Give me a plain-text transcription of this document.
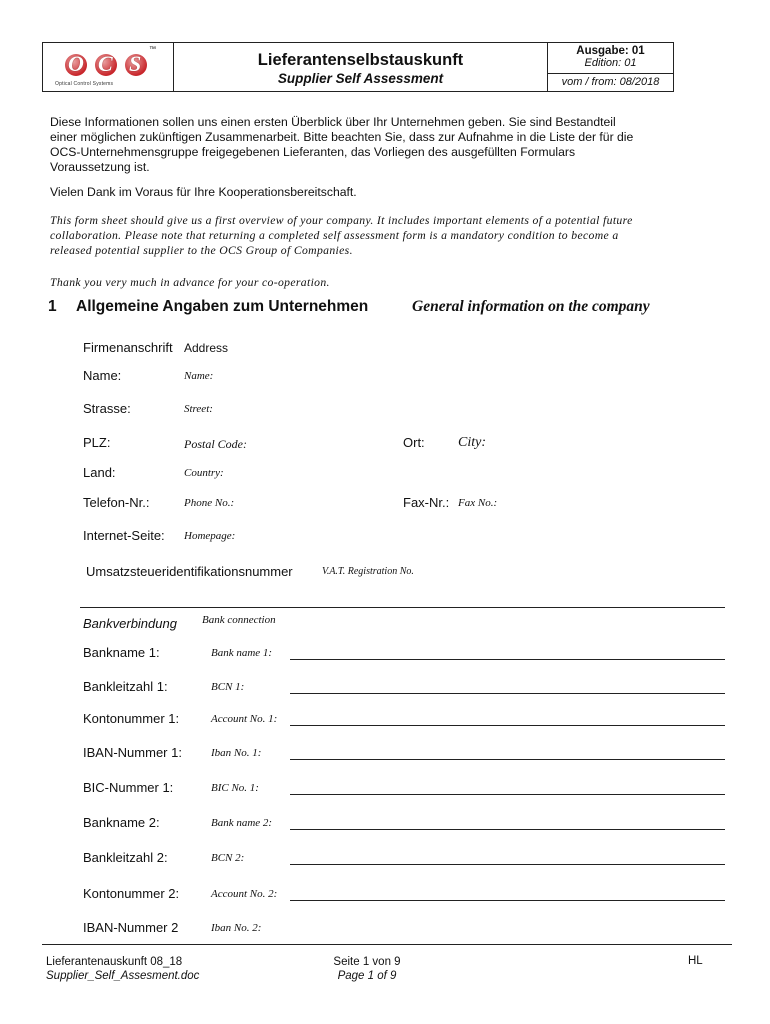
O C S
™
Optical Control Systems
Lieferantenselbstauskunft
Supplier Self Assessment
Ausgabe: 01
Edition: 01
vom / from: 08/2018
Diese Informationen sollen uns einen ersten Überblick über Ihr Unternehmen geben. Sie sind Bestandteil
einer möglichen zukünftigen Zusammenarbeit. Bitte beachten Sie, dass zur Aufnahme in die Liste der für die
OCS-Unternehmensgruppe freigegebenen Lieferanten, das Vorliegen des ausgefüllten Formulars
Voraussetzung ist.
Vielen Dank im Voraus für Ihre Kooperationsbereitschaft.
This form sheet should give us a first overview of your company. It includes important elements of a potential future
collaboration. Please note that returning a completed self assessment form is a mandatory condition to become a
released potential supplier to the OCS Group of Companies.
Thank you very much in advance for your co-operation.
1 Allgemeine Angaben zum Unternehmen	General information on the company
Firmenanschrift Address
Name:	Name:
Strasse:	Street:
PLZ:	Postal Code:	Ort: City:
Land:	Country:
Telefon-Nr.:	Phone No.:	Fax-Nr.: Fax No.:
Internet-Seite: Homepage:
Umsatzsteueridentifikationsnummer	V.A.T. Registration No.
Bankverbindung Bank connection
Bankname 1:	Bank name 1:
Bankleitzahl 1:	BCN 1:
Kontonummer 1:	Account No. 1:
IBAN-Nummer 1:	Iban No. 1:
BIC-Nummer 1:	BIC No. 1:
Bankname 2:	Bank name 2:
Bankleitzahl 2:	BCN 2:
Kontonummer 2:	Account No. 2:
IBAN-Nummer 2	Iban No. 2:
Lieferantenauskunft 08_18
Supplier_Self_Assesment.doc
Seite 1 von 9
Page 1 of 9
HL
